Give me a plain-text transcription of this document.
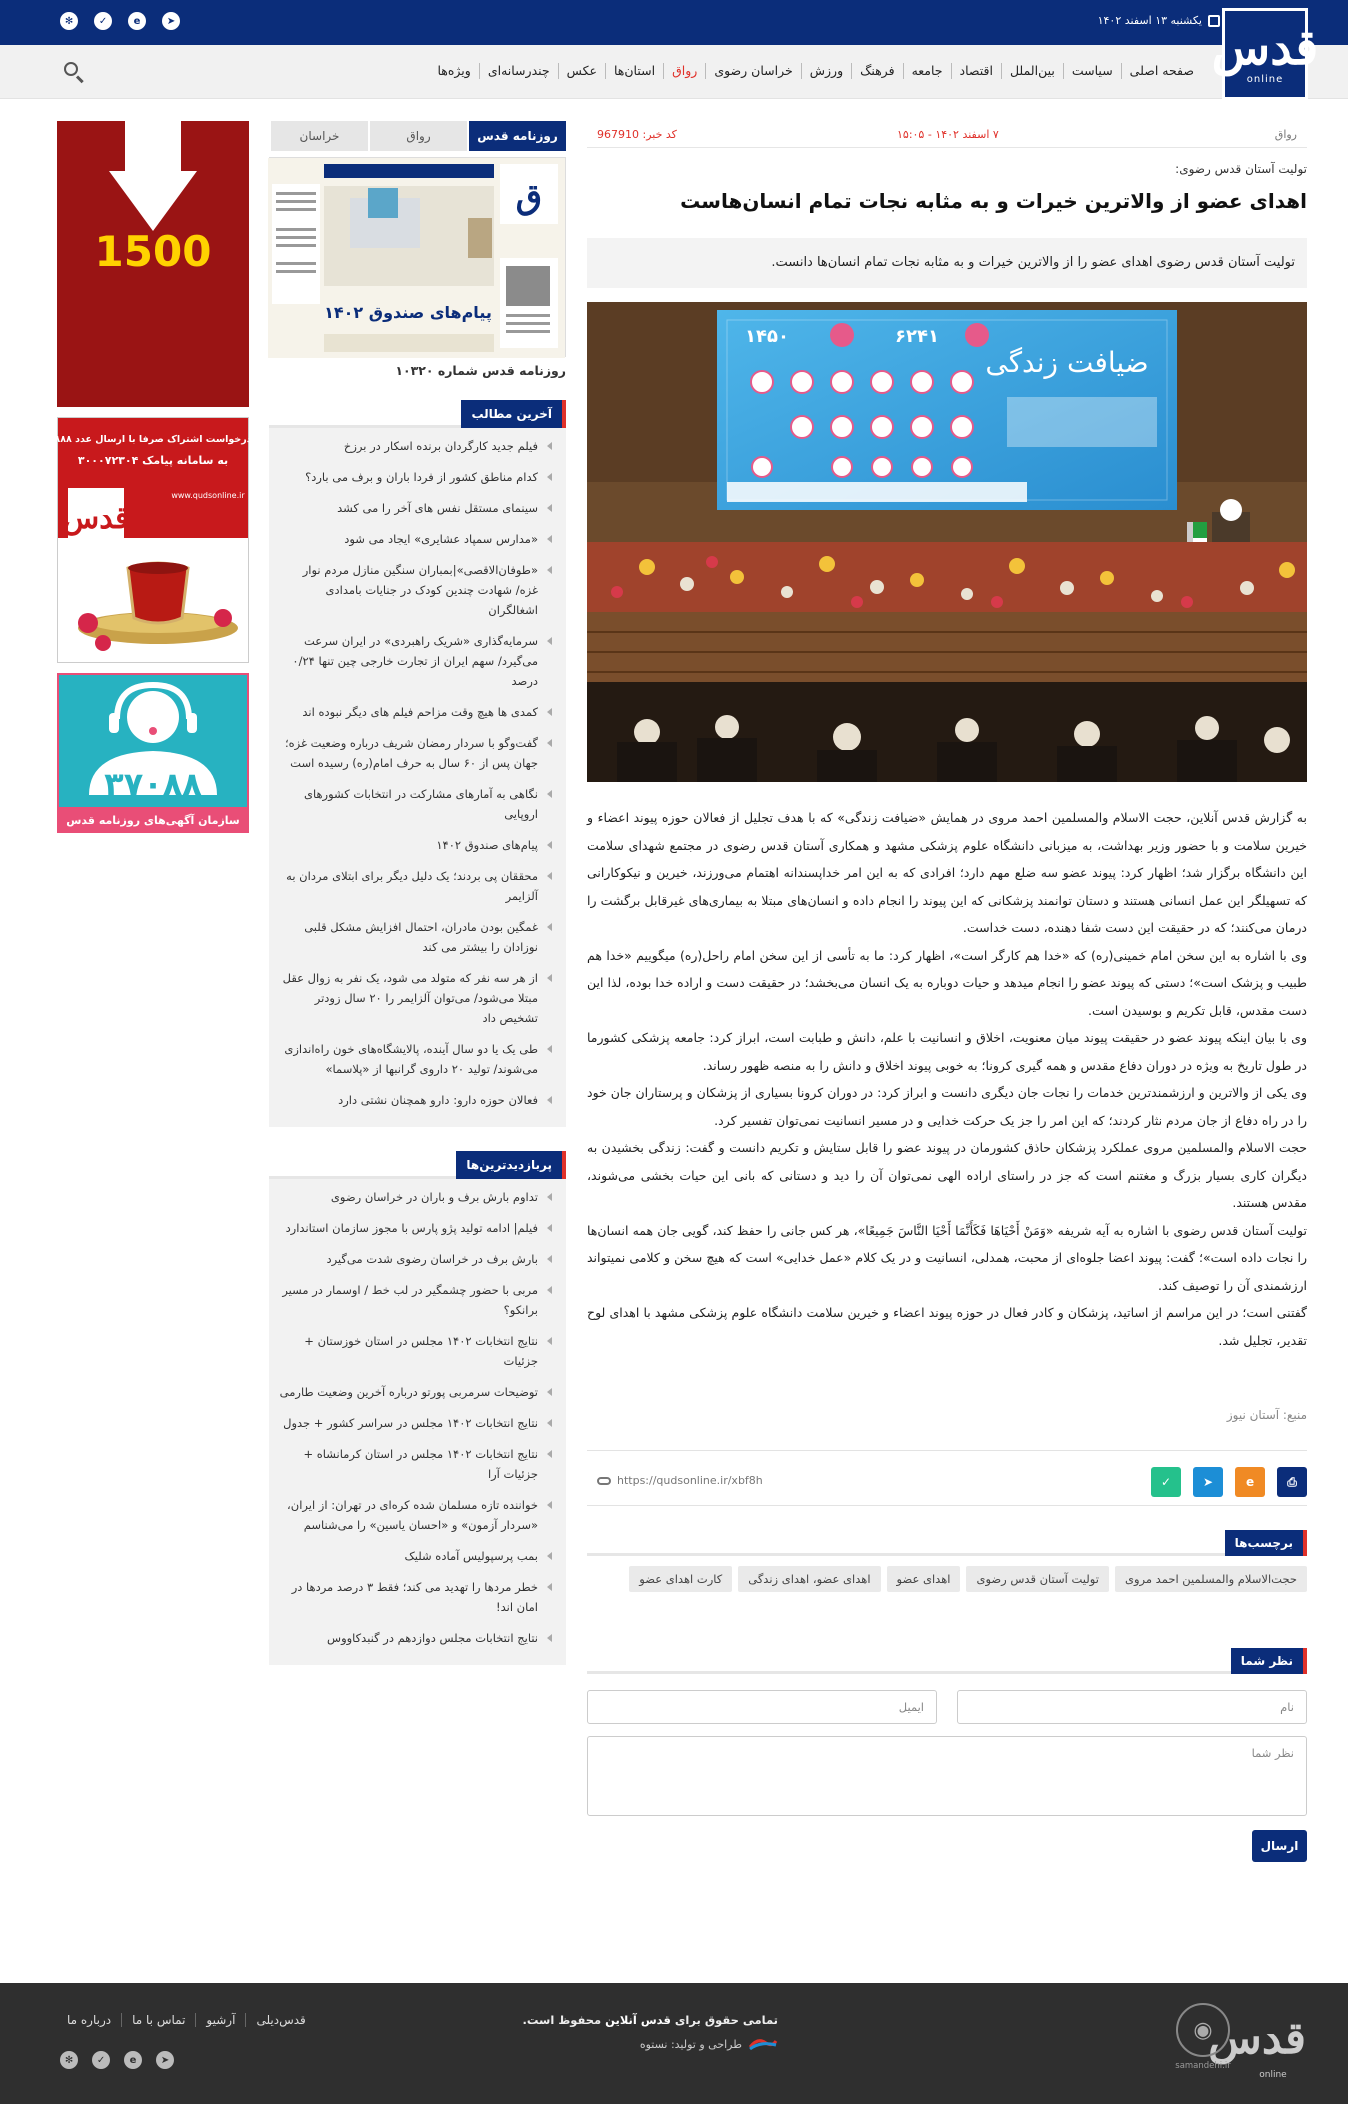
یکشنبه ۱۳ اسفند ۱۴۰۲
➤
e
✓
✻
صفحه اصلی
سیاست
بین‌الملل
اقتصاد
جامعه
فرهنگ
ورزش
خراسان رضوی
رواق
استان‌ها
عکس
چندرسانه‌ای
ویژه‌ها	قدس
online
رواق
۷ اسفند ۱۴۰۲ - ۱۵:۰۵
کد خبر: 967910
تولیت آستان قدس رضوی:
اهدای عضو از والاترین خیرات و به مثابه نجات تمام انسان‌هاست
تولیت آستان قدس رضوی اهدای عضو را از والاترین خیرات و به مثابه نجات تمام انسان‌ها دانست.
ضیافت زندگی
۶۲۴۱
۱۴۵۰

به گزارش قدس آنلاین، حجت الاسلام والمسلمین احمد مروی در همایش «ضیافت زندگی» که با هدف تجلیل از فعالان حوزه پیوند اعضاء و خیرین سلامت و با حضور وزیر بهداشت، به میزبانی دانشگاه علوم پزشکی مشهد و همکاری آستان قدس رضوی در مجتمع شهدای سلامت این دانشگاه برگزار شد؛ اظهار کرد: پیوند عضو سه ضلع مهم دارد؛ افرادی که به این امر خداپسندانه اهتمام می‌ورزند، خیرین و نیکوکارانی که تسهیلگر این عمل انسانی هستند و دستان توانمند پزشکانی که این پیوند را انجام داده و انسان‌های مبتلا به بیماری‌های غیرقابل برگشت را درمان می‌کنند؛ که در حقیقت این دست شفا دهنده، دست خداست.

وی با اشاره به این سخن امام خمینی(ره) که «خدا هم کارگر است»، اظهار کرد: ما به تأسی از این سخن امام راحل(ره) میگوییم «خدا هم طبیب و پزشک است»؛ دستی که پیوند عضو را انجام میدهد و حیات دوباره به یک انسان می‌بخشد؛ در حقیقت دست و اراده خدا بوده، لذا این دست مقدس، قابل تکریم و بوسیدن است.

وی با بیان اینکه پیوند عضو در حقیقت پیوند میان معنویت، اخلاق و انسانیت با علم، دانش و طبابت است، ابراز کرد: جامعه پزشکی کشورما در طول تاریخ به ویژه در دوران دفاع مقدس و همه گیری کرونا؛ به خوبی پیوند اخلاق و دانش را به منصه ظهور رساند.

وی یکی از والاترین و ارزشمندترین خدمات را نجات جان دیگری دانست و ابراز کرد: در دوران کرونا بسیاری از پزشکان و پرستاران جان خود را در راه دفاع از جان مردم نثار کردند؛ که این امر را جز یک حرکت خدایی و در مسیر انسانیت نمی‌توان تفسیر کرد.

حجت الاسلام والمسلمین مروی عملکرد پزشکان حاذق کشورمان در پیوند عضو را قابل ستایش و تکریم دانست و گفت: زندگی بخشیدن به دیگران کاری بسیار بزرگ و مغتنم است که جز در راستای اراده الهی نمی‌توان آن را دید و دستانی که بانی این حیات بخشی می‌شوند، مقدس هستند.

تولیت آستان قدس رضوی با اشاره به آیه شریفه «وَمَنْ أَحْيَاهَا فَكَأَنَّمَا أَحْيَا النَّاسَ جَمِيعًا»، هر کس جانی را حفظ کند، گویی جان همه انسان‌ها را نجات داده است»؛ گفت: پیوند اعضا جلوه‌ای از محبت، همدلی، انسانیت و در یک کلام «عمل خدایی» است که هیچ سخن و کلامی نمیتواند ارزشمندی آن را توصیف کند.

گفتنی است؛ در این مراسم از اساتید، پزشکان و کادر فعال در حوزه پیوند اعضاء و خیرین سلامت دانشگاه علوم پزشکی مشهد با اهدای لوح تقدیر، تجلیل شد.

منبع: آستان نیوز
⎙
e
➤
✓
https://qudsonline.ir/xbf8h
برچسب‌ها
حجت‌الاسلام والمسلمین احمد مروی
تولیت آستان قدس رضوی
اهدای عضو
اهدای عضو، اهدای زندگی
کارت اهدای عضو
نظر شما
نام
ایمیل
نظر شما
ارسال
روزنامه قدس
رواق
خراسان
ق
پیام‌های صندوق ۱۴۰۲
روزنامه قدس شماره ۱۰۳۲۰
آخرین مطالب
فیلم جدید کارگردان برنده اسکار در برزخ
کدام مناطق کشور از فردا باران و برف می بارد؟
سینمای مستقل نفس های آخر را می کشد
«مدارس سمپاد عشایری» ایجاد می شود
«طوفان‌الاقصی»|بمباران سنگین منازل مردم نوار غزه/ شهادت چندین کودک در جنایات بامدادی اشغالگران
سرمایه‌گذاری «شریک راهبردی» در ایران سرعت می‌گیرد/ سهم ایران از تجارت خارجی چین تنها ۰/۲۴ درصد
کمدی ها هیچ وقت مزاحم فیلم های دیگر نبوده اند
گفت‌وگو با سردار رمضان شریف درباره وضعیت غزه؛ جهان پس از ۶۰ سال به حرف امام(ره) رسیده است
نگاهی به آمارهای مشارکت در انتخابات کشورهای اروپایی
پیام‌های صندوق ۱۴۰۲
محققان پی بردند؛ یک دلیل دیگر برای ابتلای مردان به آلزایمر
غمگین بودن مادران، احتمال افزایش مشکل قلبی نوزادان را بیشتر می کند
از هر سه نفر که متولد می شود، یک نفر به زوال عقل مبتلا می‌شود/ می‌توان آلزایمر را ۲۰ سال زودتر تشخیص داد
طی یک یا دو سال آینده، پالایشگاه‌های خون راه‌اندازی می‌شوند/ تولید ۲۰ داروی گرانبها از «پلاسما»
فعالان حوزه دارو: دارو همچنان نشتی دارد
پربازدیدترین‌ها
تداوم بارش برف و باران در خراسان رضوی
فیلم| ادامه تولید پژو پارس با مجوز سازمان استاندارد
بارش برف در خراسان رضوی شدت می‌گیرد
مربی با حضور چشمگیر در لب خط / اوسمار در مسیر برانکو؟
نتایج انتخابات ۱۴۰۲ مجلس در استان خوزستان + جزئیات
توضیحات سرمربی پورتو درباره آخرین وضعیت طارمی
نتایج انتخابات ۱۴۰۲ مجلس در سراسر کشور + جدول
نتایج انتخابات ۱۴۰۲ مجلس در استان کرمانشاه + جزئیات آرا
خواننده تازه مسلمان شده کره‌ای در تهران: از ایران، «سردار آزمون» و «احسان یاسین» را می‌شناسم
بمب پرسپولیس آماده شلیک
خطر مردها را تهدید می کند؛ فقط ۳ درصد مردها در امان اند!
نتایج انتخابات مجلس دوازدهم در گنبدکاووس
1500
درخواست اشتراک صرفا با ارسال عدد ۸۸۸
به سامانه پیامک ۳۰۰۰۷۲۳۰۴
www.qudsonline.ir
قدس
۳۷۰۸۸
سازمان آگهی‌های روزنامه قدس
قدس
online
◉
samandehi.ir
تمامی حقوق برای قدس آنلاین محفوظ است.
طراحی و تولید: نستوه
درباره ما	تماس با ما	آرشیو	قدس‌دیلی
➤
e
✓
✻
